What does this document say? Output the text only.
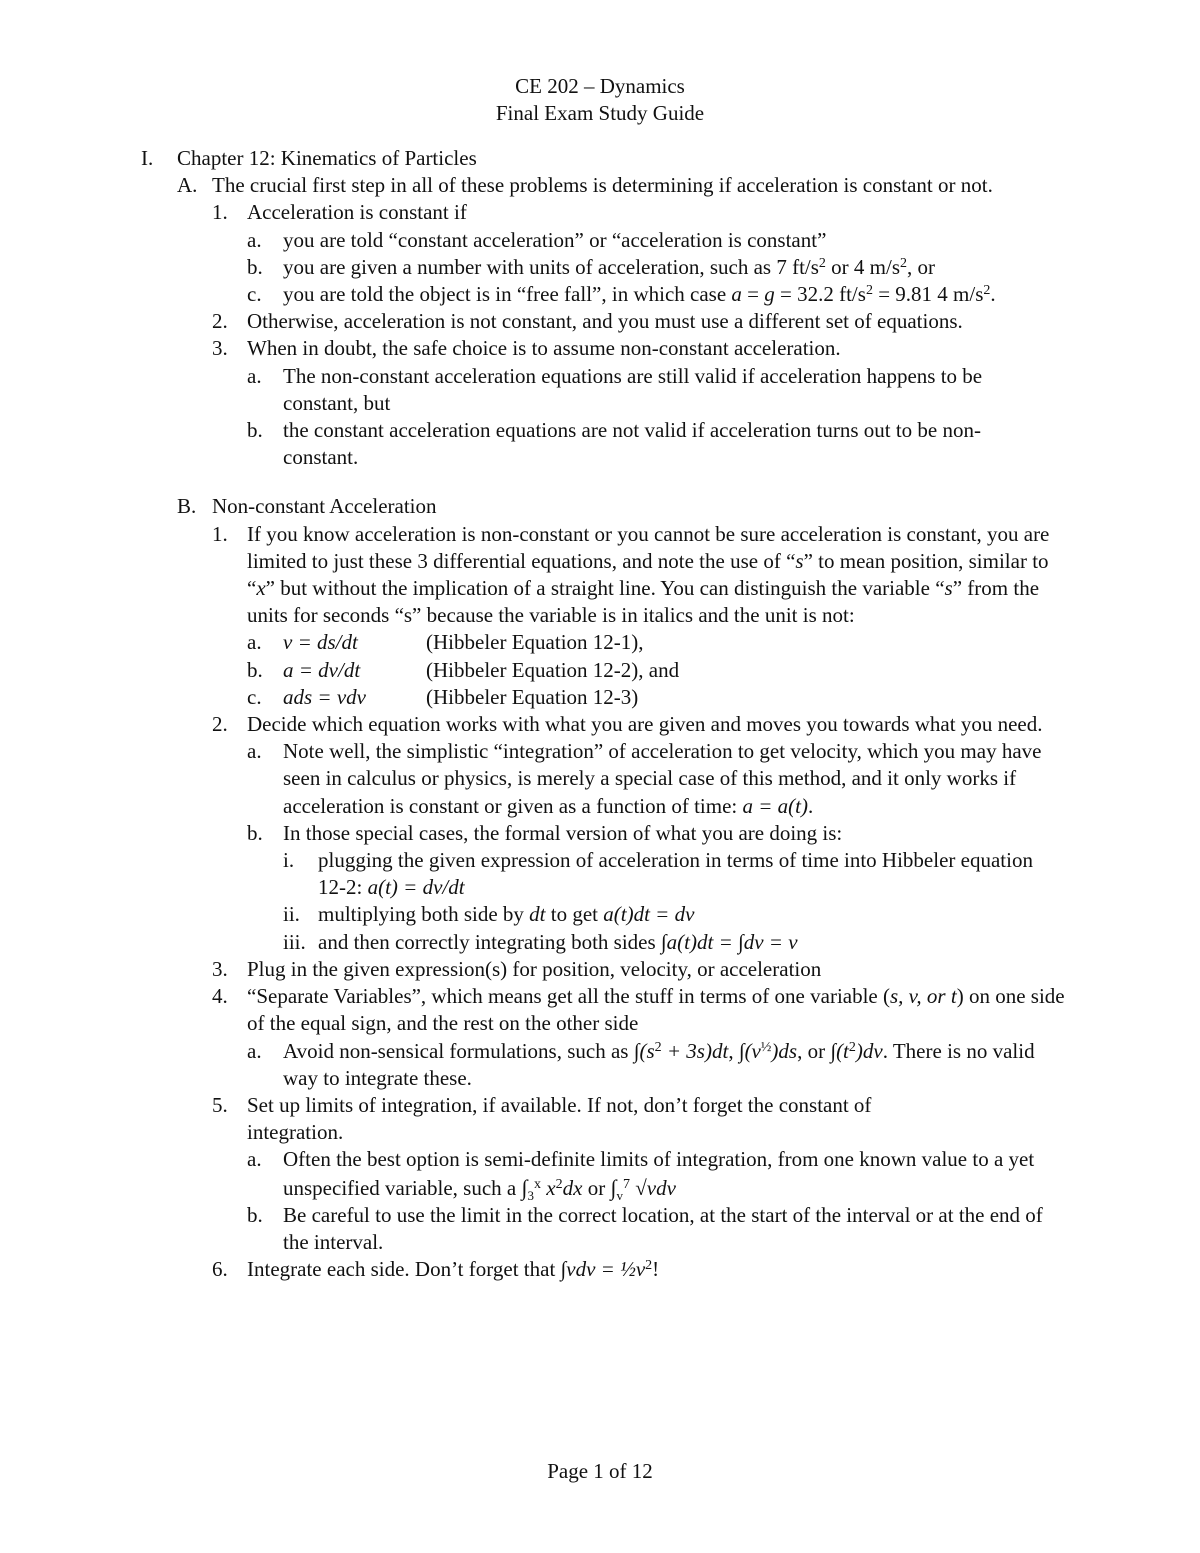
CE 202 – Dynamics
Final Exam Study Guide
I. Chapter 12: Kinematics of Particles
A. The crucial first step in all of these problems is determining if acceleration is constant or not.
1. Acceleration is constant if
a. you are told “constant acceleration” or “acceleration is constant”
b. you are given a number with units of acceleration, such as 7 $ft/s^2$ or 4 $m/s^2$, or
c. you are told the object is in “free fall”, in which case a = g = 32.2 $ft/s^2 = 9.81$ 4 $m/s^2$.
2. Otherwise, acceleration is not constant, and you must use a different set of equations.
3. When in doubt, the safe choice is to assume non-constant acceleration.
a. The non-constant acceleration equations are still valid if acceleration happens to be constant, but
b. the constant acceleration equations are not valid if acceleration turns out to be non-constant.
B. Non-constant Acceleration
1. If you know acceleration is non-constant or you cannot be sure acceleration is constant, you are limited to just these 3 differential equations, and note the use of “s” to mean position, similar to “x” but without the implication of a straight line. You can distinguish the variable “s” from the units for seconds “s” because the variable is in italics and the unit is not:
a. v = ds/dt	(Hibbeler Equation 12-1),
b. a = dv/dt	(Hibbeler Equation 12-2), and
c. ads = vdv	(Hibbeler Equation 12-3)
2. Decide which equation works with what you are given and moves you towards what you need.
a. Note well, the simplistic “integration” of acceleration to get velocity, which you may have seen in calculus or physics, is merely a special case of this method, and it only works if acceleration is constant or given as a function of time: a = a(t).
b. In those special cases, the formal version of what you are doing is:
i. plugging the given expression of acceleration in terms of time into Hibbeler equation 12-2: a(t) = dv/dt
ii. multiplying both side by dt to get a(t)dt = dv
iii. and then correctly integrating both sides ∫a(t)dt = ∫dv = v
3. Plug in the given expression(s) for position, velocity, or acceleration
4. “Separate Variables”, which means get all the stuff in terms of one variable (s, v, or t) on one side of the equal sign, and the rest on the other side
a. Avoid non-sensical formulations, such as $\int(s^2 + 3s)dt$, $\int(v^{\frac{1}{2}})ds$, or $\int(t^2)dv$. There is no valid way to integrate these.
5. Set up limits of integration, if available. If not, don’t forget the constant of integration.
a. Often the best option is semi-definite limits of integration, from one known value to a yet unspecified variable, such a $\int_3^x$ $x^2dx$ or $\int_v^7$ √vdv
b. Be careful to use the limit in the correct location, at the start of the interval or at the end of the interval.
6. Integrate each side. Don’t forget that $\int vdv = \frac{1}{2}v^2$!
Page 1 of 12
